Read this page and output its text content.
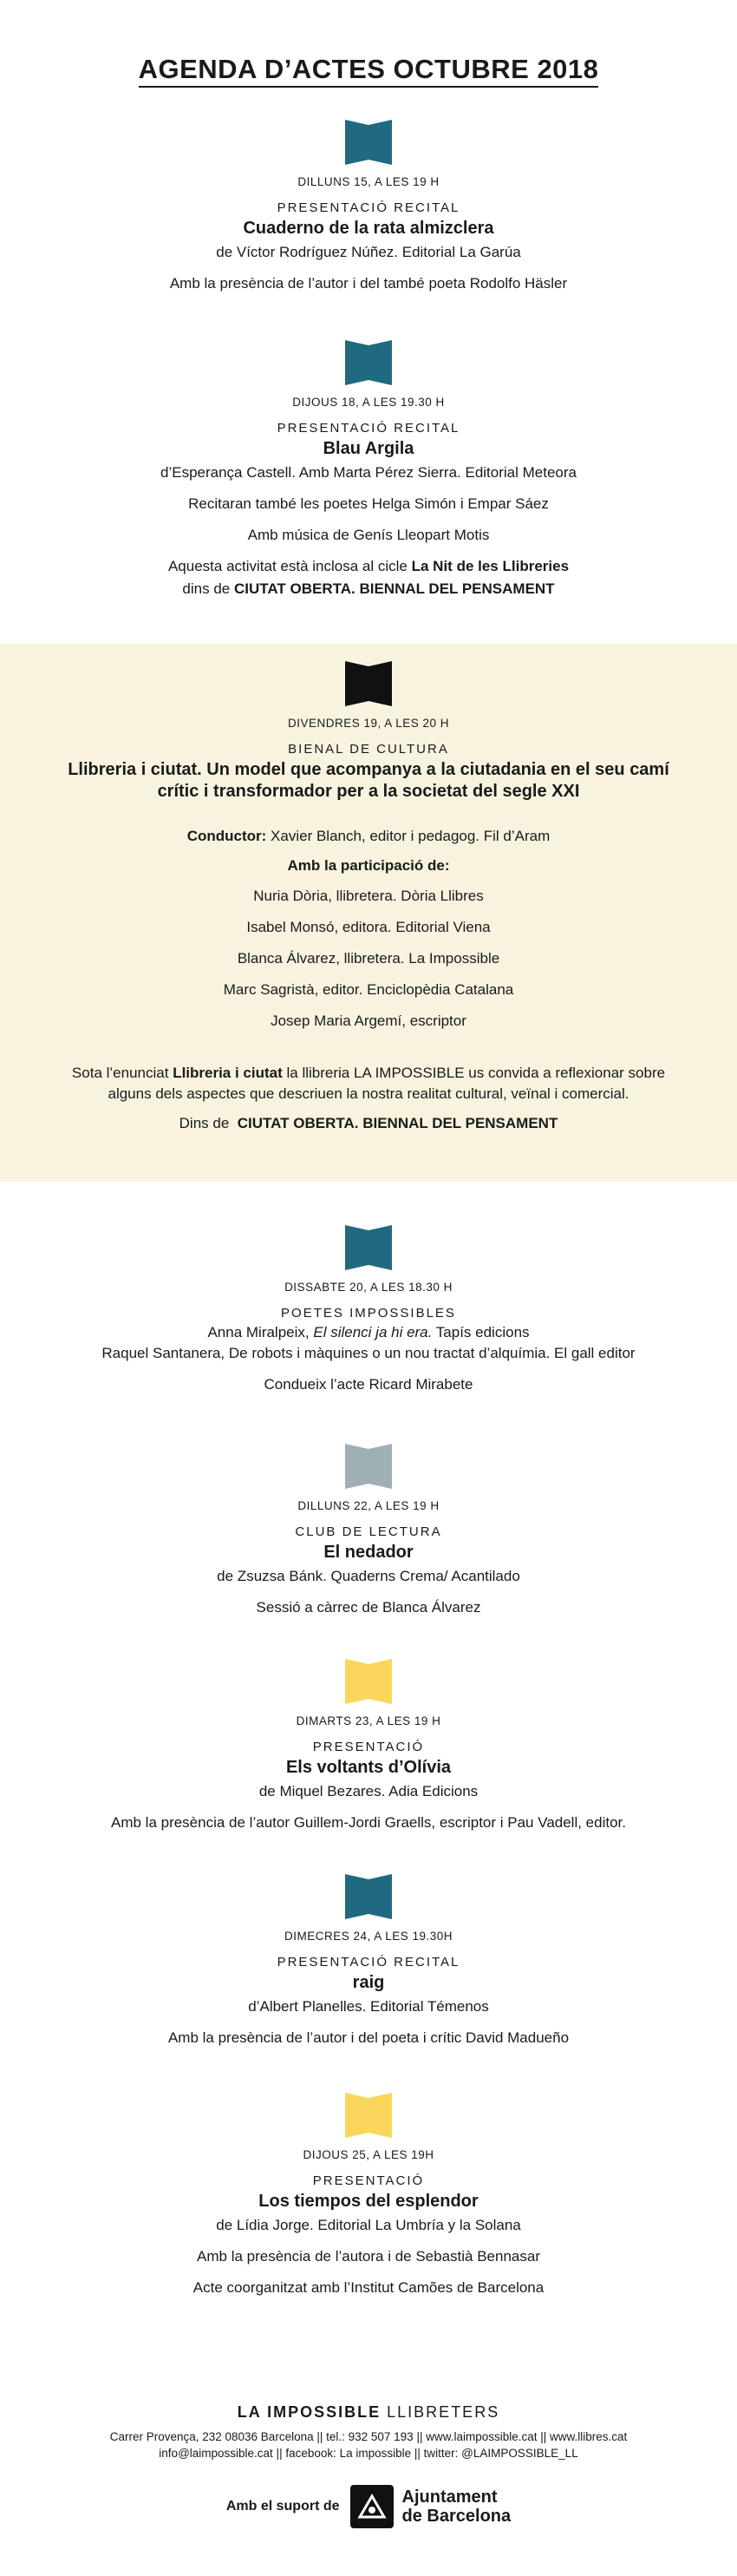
AGENDA D’ACTES OCTUBRE 2018
DILLUNS 15, A LES 19 H
PRESENTACIÓ RECITAL
Cuaderno de la rata almizclera
de Víctor Rodríguez Núñez. Editorial La Garúa
Amb la presència de l’autor i del també poeta Rodolfo Häsler
DIJOUS 18, A LES 19.30 H
PRESENTACIÓ RECITAL
Blau Argila
d’Esperança Castell. Amb Marta Pérez Sierra. Editorial Meteora
Recitaran també les poetes Helga Simón i Empar Sáez
Amb música de Genís Lleopart Motis
Aquesta activitat està inclosa al cicle La Nit de les Llibreries
dins de CIUTAT OBERTA. BIENNAL DEL PENSAMENT
DIVENDRES 19, A LES 20 H
BIENAL DE CULTURA
Llibreria i ciutat. Un model que acompanya a la ciutadania en el seu camí
crític i transformador per a la societat del segle XXI
Conductor: Xavier Blanch, editor i pedagog. Fil d’Aram
Amb la participació de:
Nuria Dòria, llibretera. Dòria Llibres
Isabel Monsó, editora. Editorial Viena
Blanca Álvarez, llibretera. La Impossible
Marc Sagristà, editor. Enciclopèdia Catalana
Josep Maria Argemí, escriptor
Sota l’enunciat Llibreria i ciutat la llibreria LA IMPOSSIBLE us convida a reflexionar sobre
alguns dels aspectes que descriuen la nostra realitat cultural, veïnal i comercial.
Dins de CIUTAT OBERTA. BIENNAL DEL PENSAMENT
DISSABTE 20, A LES 18.30 H
POETES IMPOSSIBLES
Anna Miralpeix, El silenci ja hi era. Tapís edicions
Raquel Santanera, De robots i màquines o un nou tractat d’alquímia. El gall editor
Condueix l’acte Ricard Mirabete
DILLUNS 22, A LES 19 H
CLUB DE LECTURA
El nedador
de Zsuzsa Bánk. Quaderns Crema/ Acantilado
Sessió a càrrec de Blanca Álvarez
DIMARTS 23, A LES 19 H
PRESENTACIÓ
Els voltants d’Olívia
de Miquel Bezares. Adia Edicions
Amb la presència de l’autor Guillem-Jordi Graells, escriptor i Pau Vadell, editor.
DIMECRES 24, A LES 19.30H
PRESENTACIÓ RECITAL
raig
d’Albert Planelles. Editorial Témenos
Amb la presència de l’autor i del poeta i crític David Madueño
DIJOUS 25, A LES 19H
PRESENTACIÓ
Los tiempos del esplendor
de Lídia Jorge. Editorial La Umbría y la Solana
Amb la presència de l’autora i de Sebastià Bennasar
Acte coorganitzat amb l’Institut Camões de Barcelona
LA IMPOSSIBLE LLIBRETERS
Carrer Provença, 232 08036 Barcelona || tel.: 932 507 193 || www.laimpossible.cat || www.llibres.cat
info@laimpossible.cat || facebook: La impossible || twitter: @LAIMPOSSIBLE_LL
Amb el suport de	Ajuntament
de Barcelona
